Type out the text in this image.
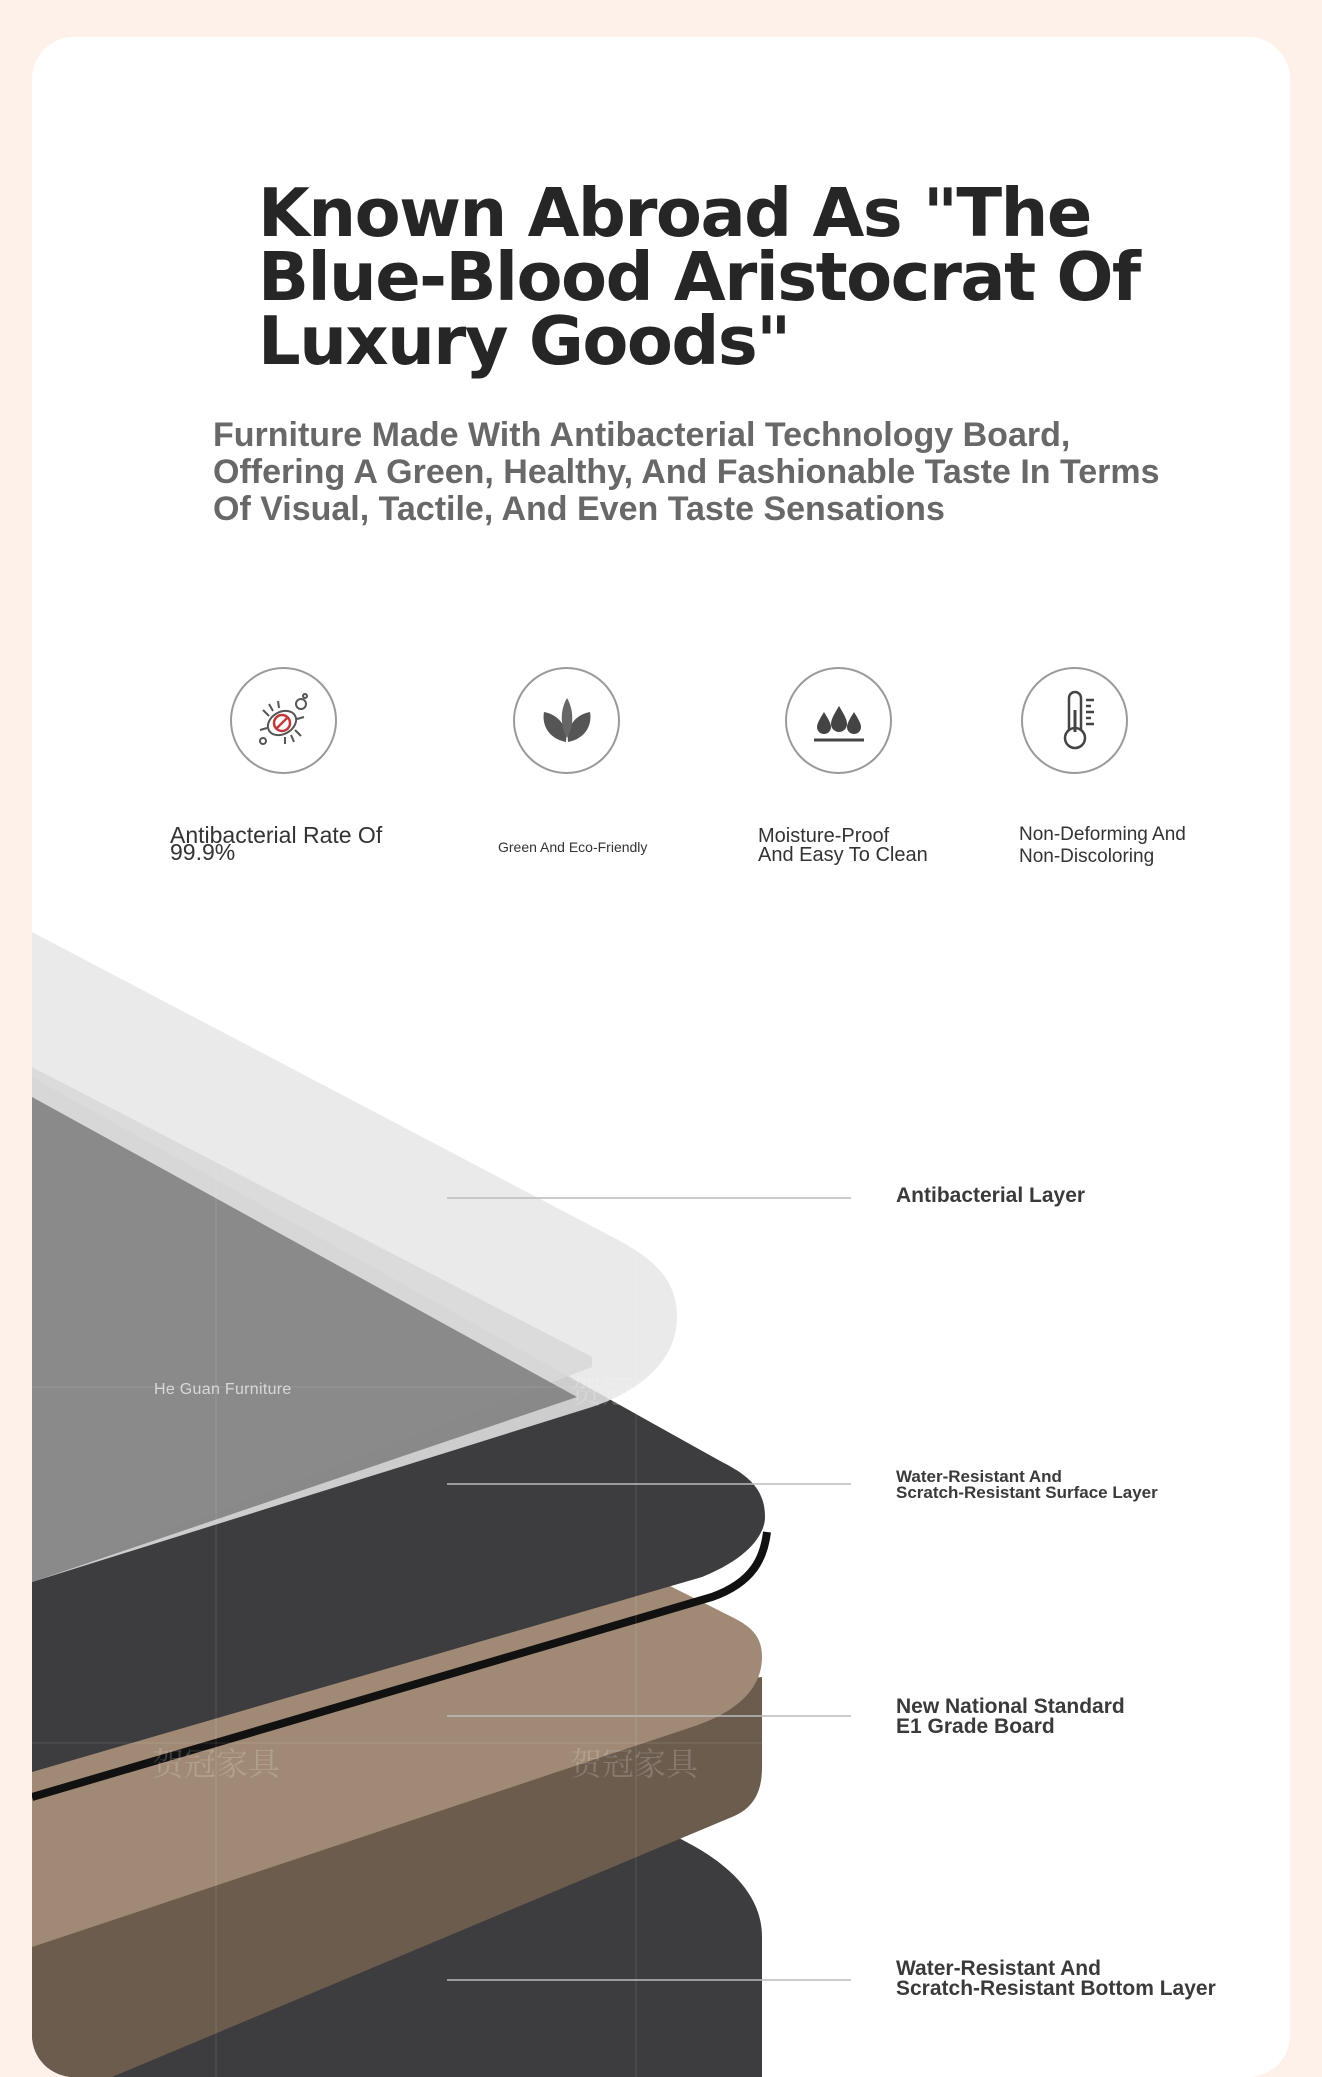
Known Abroad As "The
Blue-Blood Aristocrat Of
Luxury Goods"

Furniture Made With Antibacterial Technology Board,
Offering A Green, Healthy, And Fashionable Taste In Terms
Of Visual, Tactile, And Even Taste Sensations

Antibacterial Rate Of
99.9%	Green And Eco-Friendly	Moisture-Proof
And Easy To Clean
Non-Deforming And
Non-Discoloring
He Guan Furniture	贺冠家具
贺冠家具	贺冠家具
Antibacterial Layer
Water-Resistant And
Scratch-Resistant Surface Layer
New National Standard
E1 Grade Board
Water-Resistant And
Scratch-Resistant Bottom Layer
